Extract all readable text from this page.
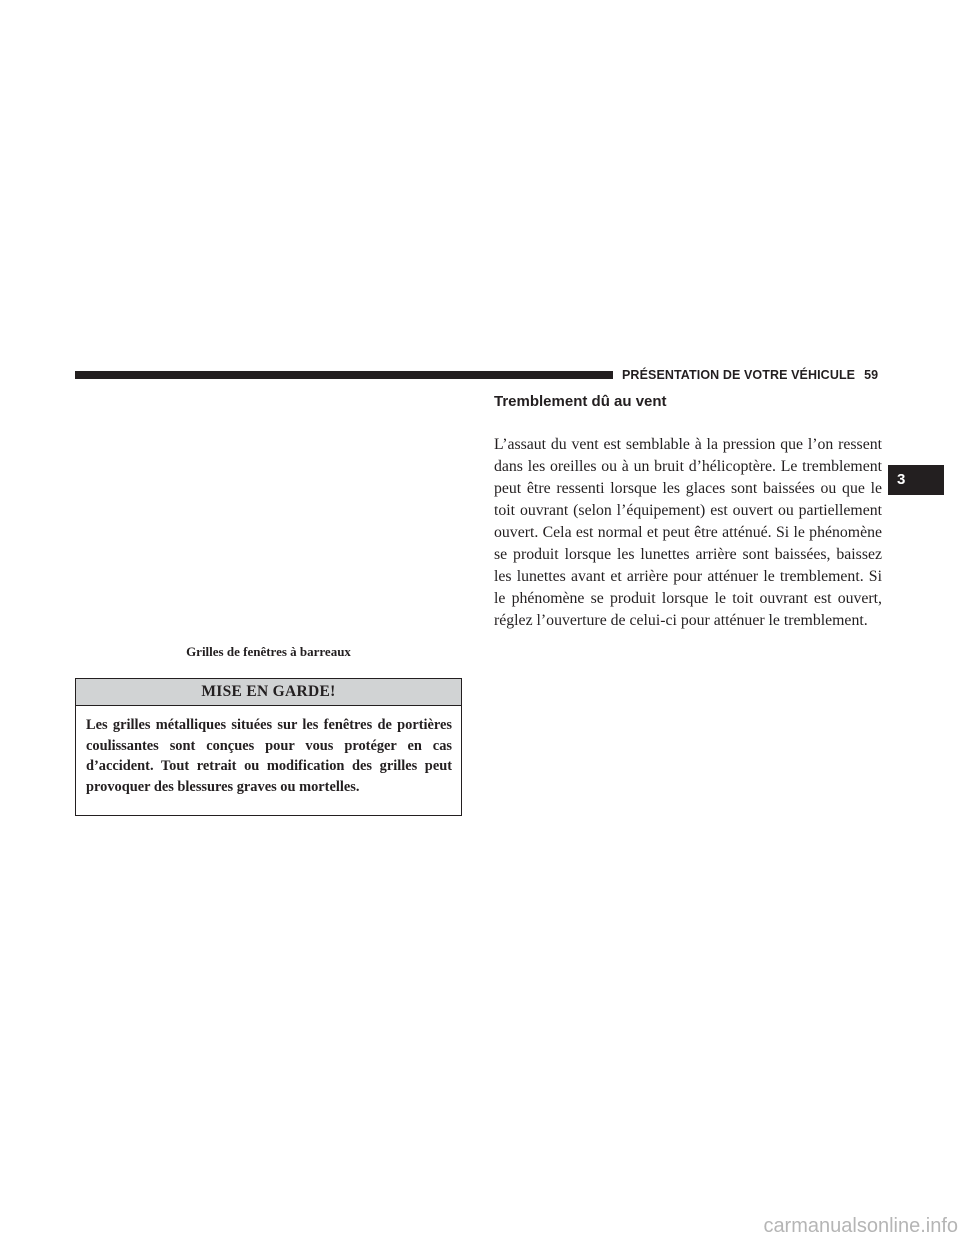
PRÉSENTATION DE VOTRE VÉHICULE 59
Tremblement dû au vent

L’assaut du vent est semblable à la pression que l’on ressent dans les oreilles ou à un bruit d’hélicoptère. Le tremblement peut être ressenti lorsque les glaces sont baissées ou que le toit ouvrant (selon l’équipement) est ouvert ou partiellement ouvert. Cela est normal et peut être atténué. Si le phénomène se produit lorsque les lunettes arrière sont baissées, baissez les lunettes avant et arrière pour atténuer le tremblement. Si le phénomène se produit lorsque le toit ouvrant est ouvert, réglez l’ouverture de celui-ci pour atténuer le tremblement.

3

Grilles de fenêtres à barreaux

MISE EN GARDE!

Les grilles métalliques situées sur les fenêtres de portières coulissantes sont conçues pour vous protéger en cas d’accident. Tout retrait ou modification des grilles peut provoquer des blessures graves ou mortelles.

carmanualsonline.info
